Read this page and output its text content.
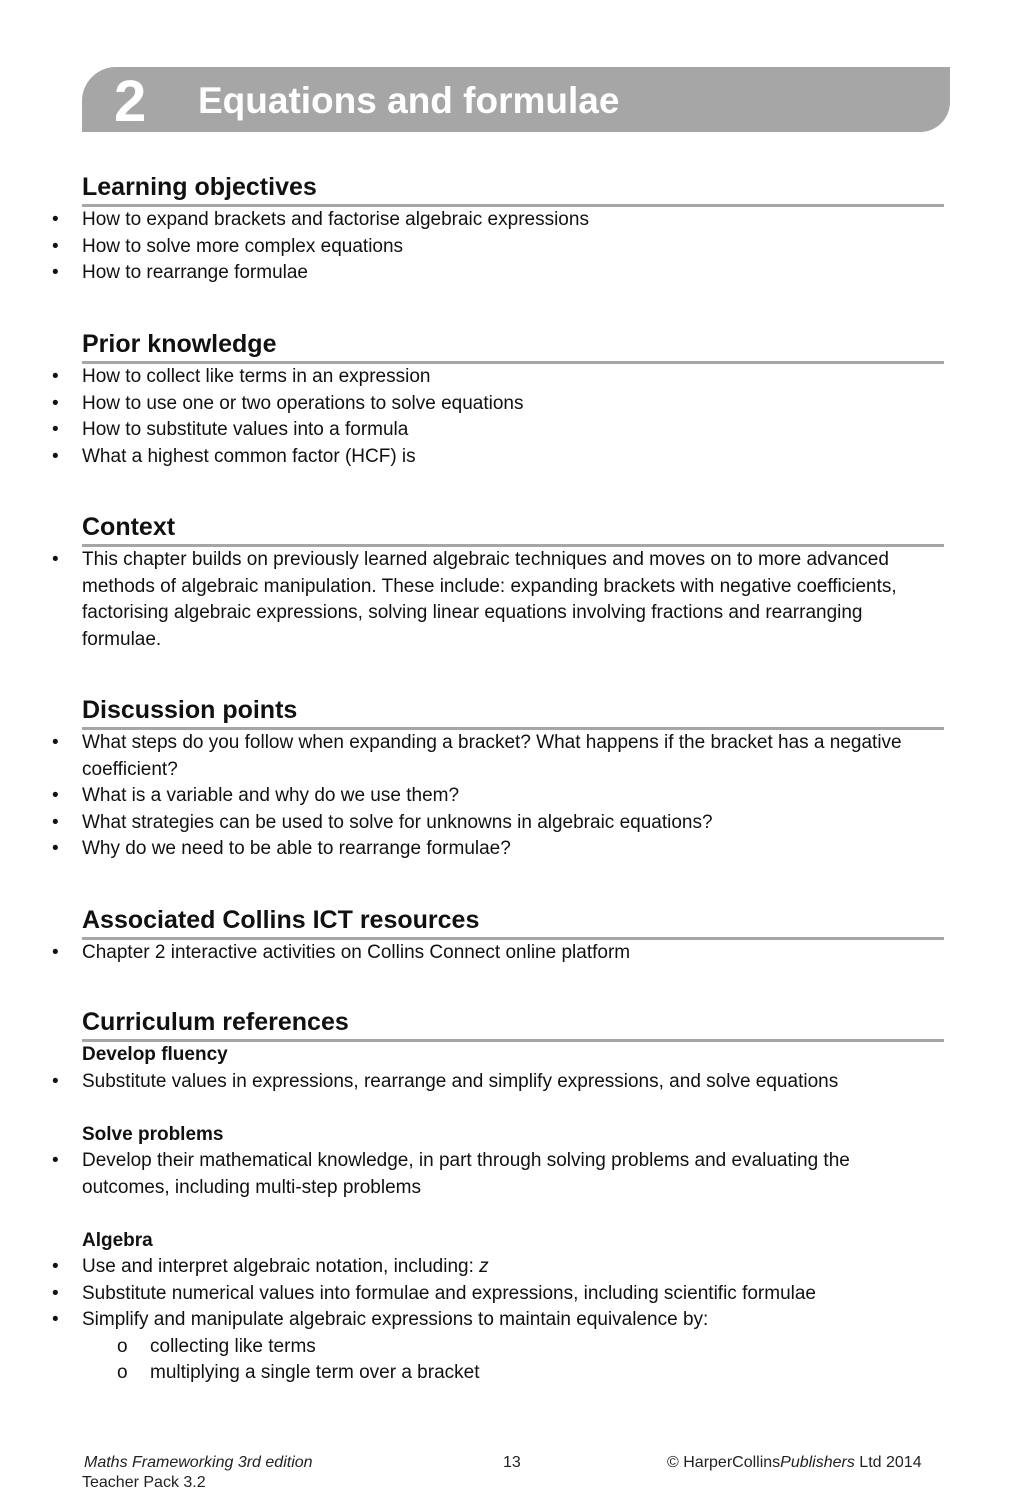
2 Equations and formulae
Learning objectives
• How to expand brackets and factorise algebraic expressions
• How to solve more complex equations
• How to rearrange formulae
Prior knowledge
• How to collect like terms in an expression
• How to use one or two operations to solve equations
• How to substitute values into a formula
• What a highest common factor (HCF) is
Context
• This chapter builds on previously learned algebraic techniques and moves on to more advanced methods of algebraic manipulation. These include: expanding brackets with negative coefficients, factorising algebraic expressions, solving linear equations involving fractions and rearranging formulae.
Discussion points
• What steps do you follow when expanding a bracket? What happens if the bracket has a negative coefficient?
• What is a variable and why do we use them?
• What strategies can be used to solve for unknowns in algebraic equations?
• Why do we need to be able to rearrange formulae?
Associated Collins ICT resources
• Chapter 2 interactive activities on Collins Connect online platform
Curriculum references
Develop fluency
• Substitute values in expressions, rearrange and simplify expressions, and solve equations
Solve problems
• Develop their mathematical knowledge, in part through solving problems and evaluating the outcomes, including multi-step problems
Algebra
• Use and interpret algebraic notation, including: z
• Substitute numerical values into formulae and expressions, including scientific formulae
• Simplify and manipulate algebraic expressions to maintain equivalence by:
o collecting like terms
o multiplying a single term over a bracket
Maths Frameworking 3rd edition
Teacher Pack 3.2
13	© HarperCollinsPublishers Ltd 2014
